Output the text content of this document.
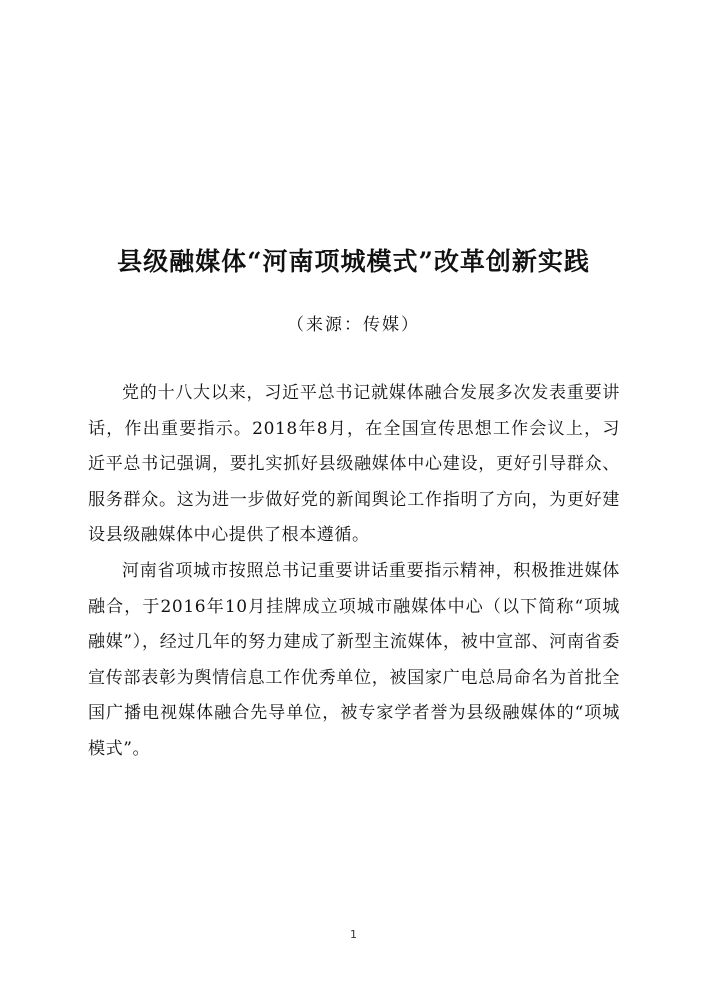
县级融媒体“河南项城模式”改革创新实践
（来源：传媒）

党的十八大以来，习近平总书记就媒体融合发展多次发表重要讲话，作出重要指示。2018年8月，在全国宣传思想工作会议上，习近平总书记强调，要扎实抓好县级融媒体中心建设，更好引导群众、服务群众。这为进一步做好党的新闻舆论工作指明了方向，为更好建设县级融媒体中心提供了根本遵循。

河南省项城市按照总书记重要讲话重要指示精神，积极推进媒体融合，于2016年10月挂牌成立项城市融媒体中心（以下简称“项城融媒”），经过几年的努力建成了新型主流媒体，被中宣部、河南省委宣传部表彰为舆情信息工作优秀单位，被国家广电总局命名为首批全国广播电视媒体融合先导单位，被专家学者誉为县级融媒体的“项城模式”。

1
